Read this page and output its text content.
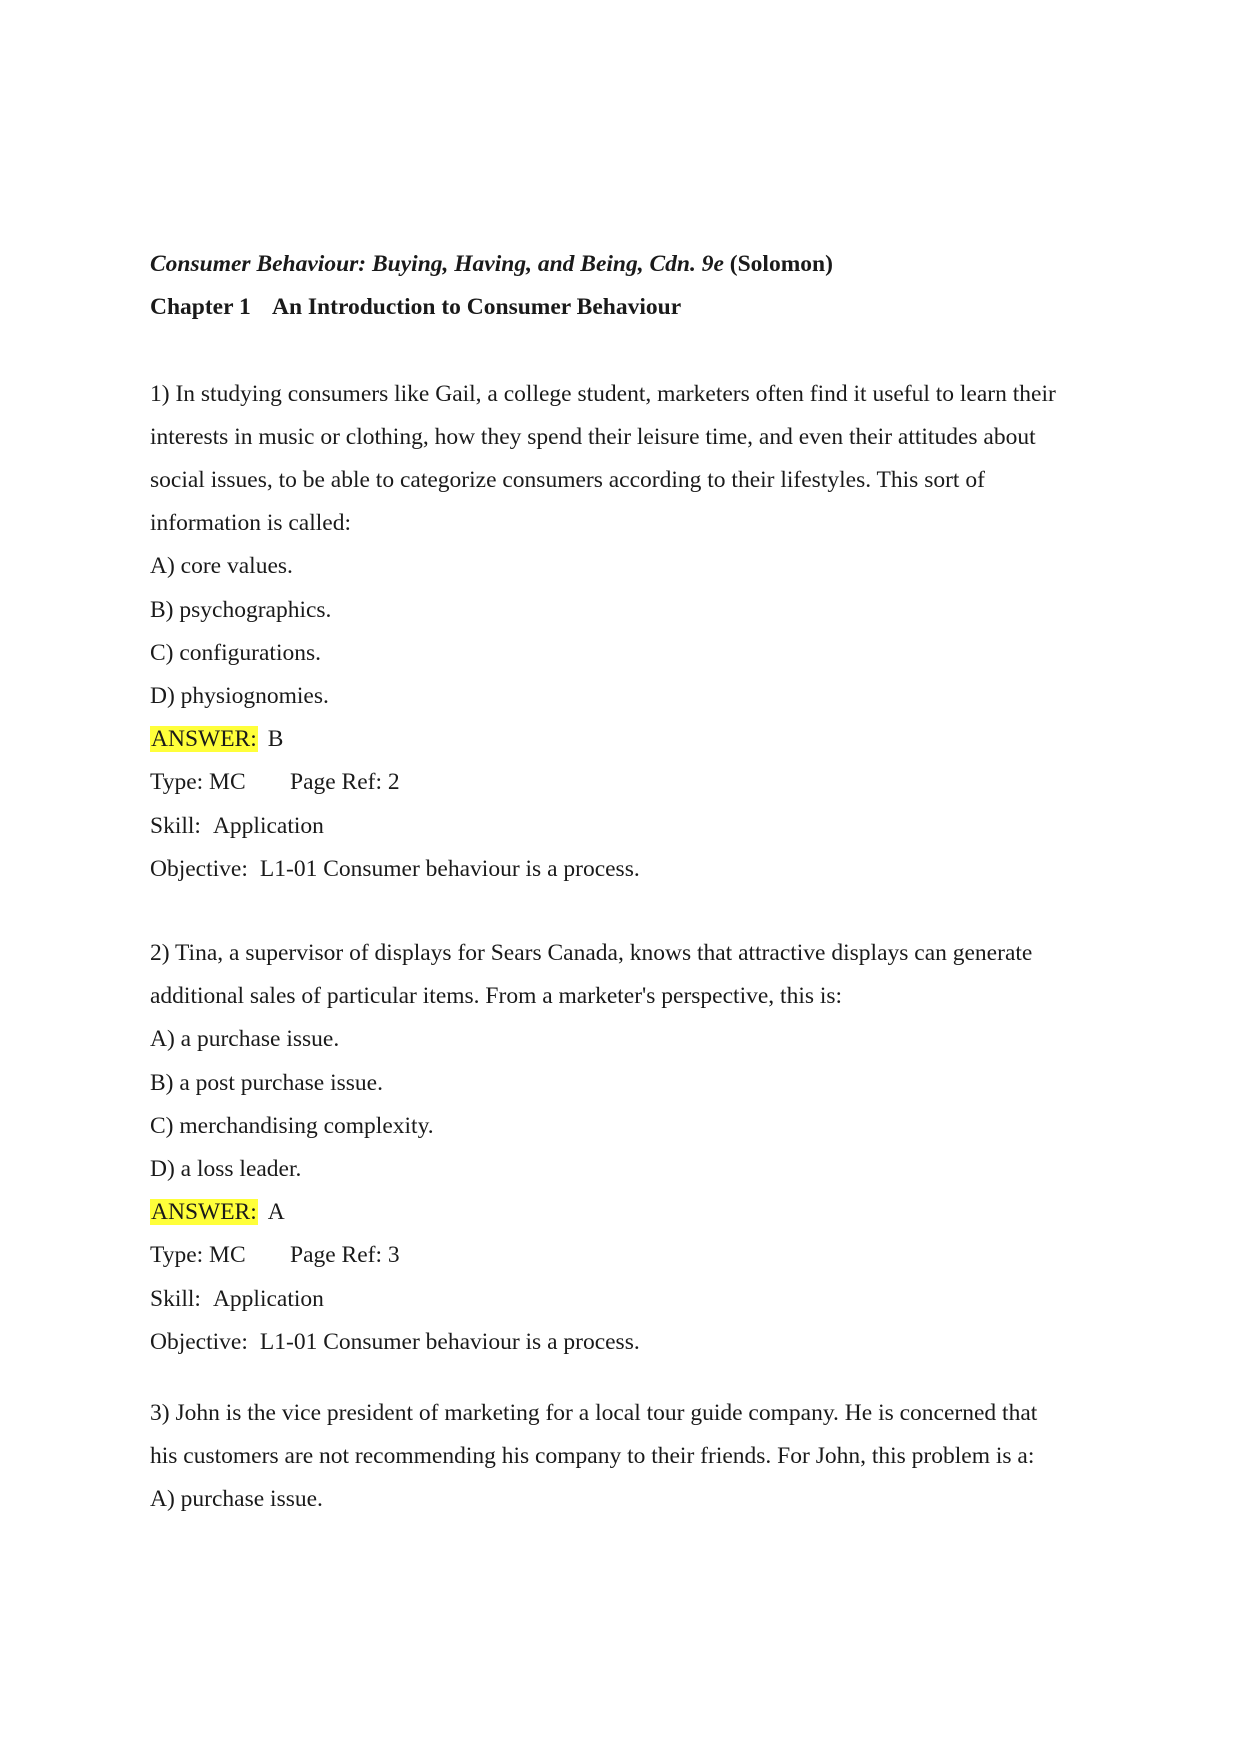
Consumer Behaviour: Buying, Having, and Being, Cdn. 9e (Solomon)
Chapter 1 An Introduction to Consumer Behaviour
1) In studying consumers like Gail, a college student, marketers often find it useful to learn their
interests in music or clothing, how they spend their leisure time, and even their attitudes about
social issues, to be able to categorize consumers according to their lifestyles. This sort of
information is called:
A) core values.
B) psychographics.
C) configurations.
D) physiognomies.
ANSWER: B
Type: MC Page Ref: 2
Skill: Application
Objective: L1-01 Consumer behaviour is a process.
2) Tina, a supervisor of displays for Sears Canada, knows that attractive displays can generate
additional sales of particular items. From a marketer's perspective, this is:
A) a purchase issue.
B) a post purchase issue.
C) merchandising complexity.
D) a loss leader.
ANSWER: A
Type: MC Page Ref: 3
Skill: Application
Objective: L1-01 Consumer behaviour is a process.
3) John is the vice president of marketing for a local tour guide company. He is concerned that
his customers are not recommending his company to their friends. For John, this problem is a:
A) purchase issue.
